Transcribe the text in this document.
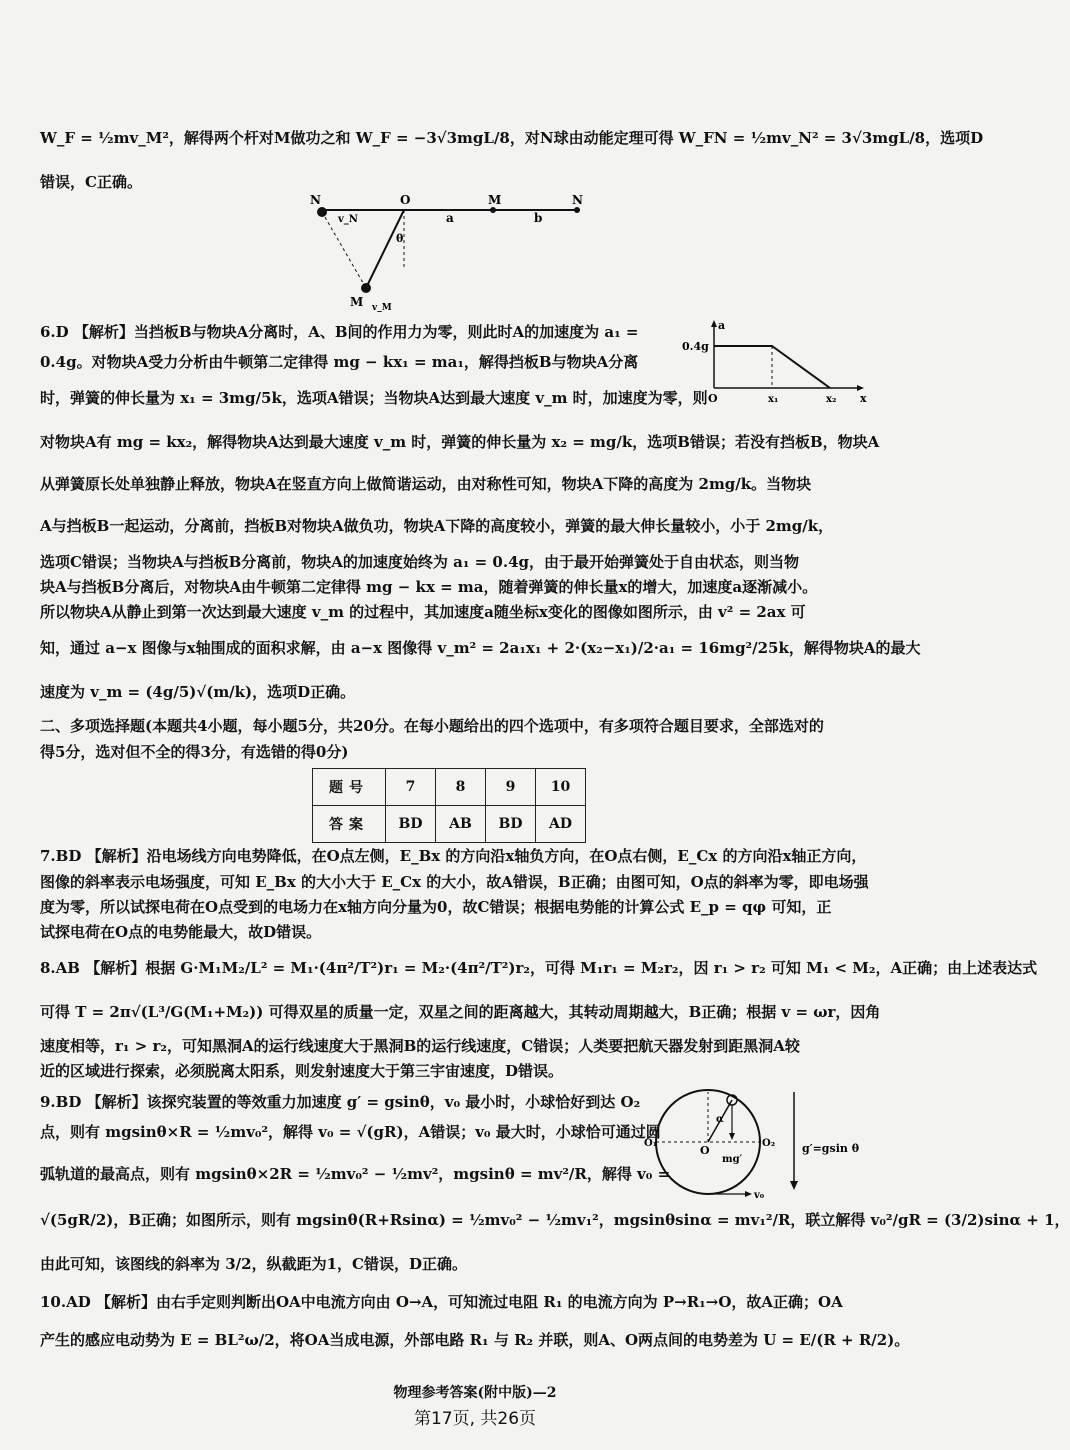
W_F = ½mv_M²，解得两个杆对M做功之和 W_F = −3√3mgL/8，对N球由动能定理可得 W_FN = ½mv_N² = 3√3mgL/8，选项D
错误，C正确。
N
v_N
O
a
M
b
N
θ
M v_M
6.D 【解析】当挡板B与物块A分离时，A、B间的作用力为零，则此时A的加速度为 a₁ =
0.4g。对物块A受力分析由牛顿第二定律得 mg − kx₁ = ma₁，解得挡板B与物块A分离
时，弹簧的伸长量为 x₁ = 3mg/5k，选项A错误；当物块A达到最大速度 v_m 时，加速度为零，则
a
0.4g
O	x₁	x₂ x
对物块A有 mg = kx₂，解得物块A达到最大速度 v_m 时，弹簧的伸长量为 x₂ = mg/k，选项B错误；若没有挡板B，物块A
从弹簧原长处单独静止释放，物块A在竖直方向上做简谐运动，由对称性可知，物块A下降的高度为 2mg/k。当物块
A与挡板B一起运动，分离前，挡板B对物块A做负功，物块A下降的高度较小，弹簧的最大伸长量较小，小于 2mg/k，
选项C错误；当物块A与挡板B分离前，物块A的加速度始终为 a₁ = 0.4g，由于最开始弹簧处于自由状态，则当物
块A与挡板B分离后，对物块A由牛顿第二定律得 mg − kx = ma，随着弹簧的伸长量x的增大，加速度a逐渐减小。
所以物块A从静止到第一次达到最大速度 v_m 的过程中，其加速度a随坐标x变化的图像如图所示，由 v² = 2ax 可
知，通过 a−x 图像与x轴围成的面积求解，由 a−x 图像得 v_m² = 2a₁x₁ + 2·(x₂−x₁)/2·a₁ = 16mg²/25k，解得物块A的最大
速度为 v_m = (4g/5)√(m/k)，选项D正确。
二、多项选择题(本题共4小题，每小题5分，共20分。在每小题给出的四个选项中，有多项符合题目要求，全部选对的
得5分，选对但不全的得3分，有选错的得0分)
题号	7	8	9	10
答案	BD	AB	BD	AD
7.BD 【解析】沿电场线方向电势降低，在O点左侧，E_Bx 的方向沿x轴负方向，在O点右侧，E_Cx 的方向沿x轴正方向，
图像的斜率表示电场强度，可知 E_Bx 的大小大于 E_Cx 的大小，故A错误，B正确；由图可知，O点的斜率为零，即电场强
度为零，所以试探电荷在O点受到的电场力在x轴方向分量为0，故C错误；根据电势能的计算公式 E_p = qφ 可知，正
试探电荷在O点的电势能最大，故D错误。
8.AB 【解析】根据 G·M₁M₂/L² = M₁·(4π²/T²)r₁ = M₂·(4π²/T²)r₂，可得 M₁r₁ = M₂r₂，因 r₁ > r₂ 可知 M₁ < M₂，A正确；由上述表达式
可得 T = 2π√(L³/G(M₁+M₂)) 可得双星的质量一定，双星之间的距离越大，其转动周期越大，B正确；根据 v = ωr，因角
速度相等，r₁ > r₂，可知黑洞A的运行线速度大于黑洞B的运行线速度，C错误；人类要把航天器发射到距黑洞A较
近的区域进行探索，必须脱离太阳系，则发射速度大于第三宇宙速度，D错误。
9.BD 【解析】该探究装置的等效重力加速度 g′ = gsinθ，v₀ 最小时，小球恰好到达 O₂
点，则有 mgsinθ×R = ½mv₀²，解得 v₀ = √(gR)，A错误；v₀ 最大时，小球恰可通过圆
O₁
O
O₂
α
mg′
v₀
g′=gsin θ
弧轨道的最高点，则有 mgsinθ×2R = ½mv₀² − ½mv²，mgsinθ = mv²/R，解得 v₀ =
√(5gR/2)，B正确；如图所示，则有 mgsinθ(R+Rsinα) = ½mv₀² − ½mv₁²，mgsinθsinα = mv₁²/R，联立解得 v₀²/gR = (3/2)sinα + 1，
由此可知，该图线的斜率为 3/2，纵截距为1，C错误，D正确。
10.AD 【解析】由右手定则判断出OA中电流方向由 O→A，可知流过电阻 R₁ 的电流方向为 P→R₁→O，故A正确；OA
产生的感应电动势为 E = BL²ω/2，将OA当成电源，外部电路 R₁ 与 R₂ 并联，则A、O两点间的电势差为 U = E/(R + R/2)。
物理参考答案(附中版)—2
第17页, 共26页
